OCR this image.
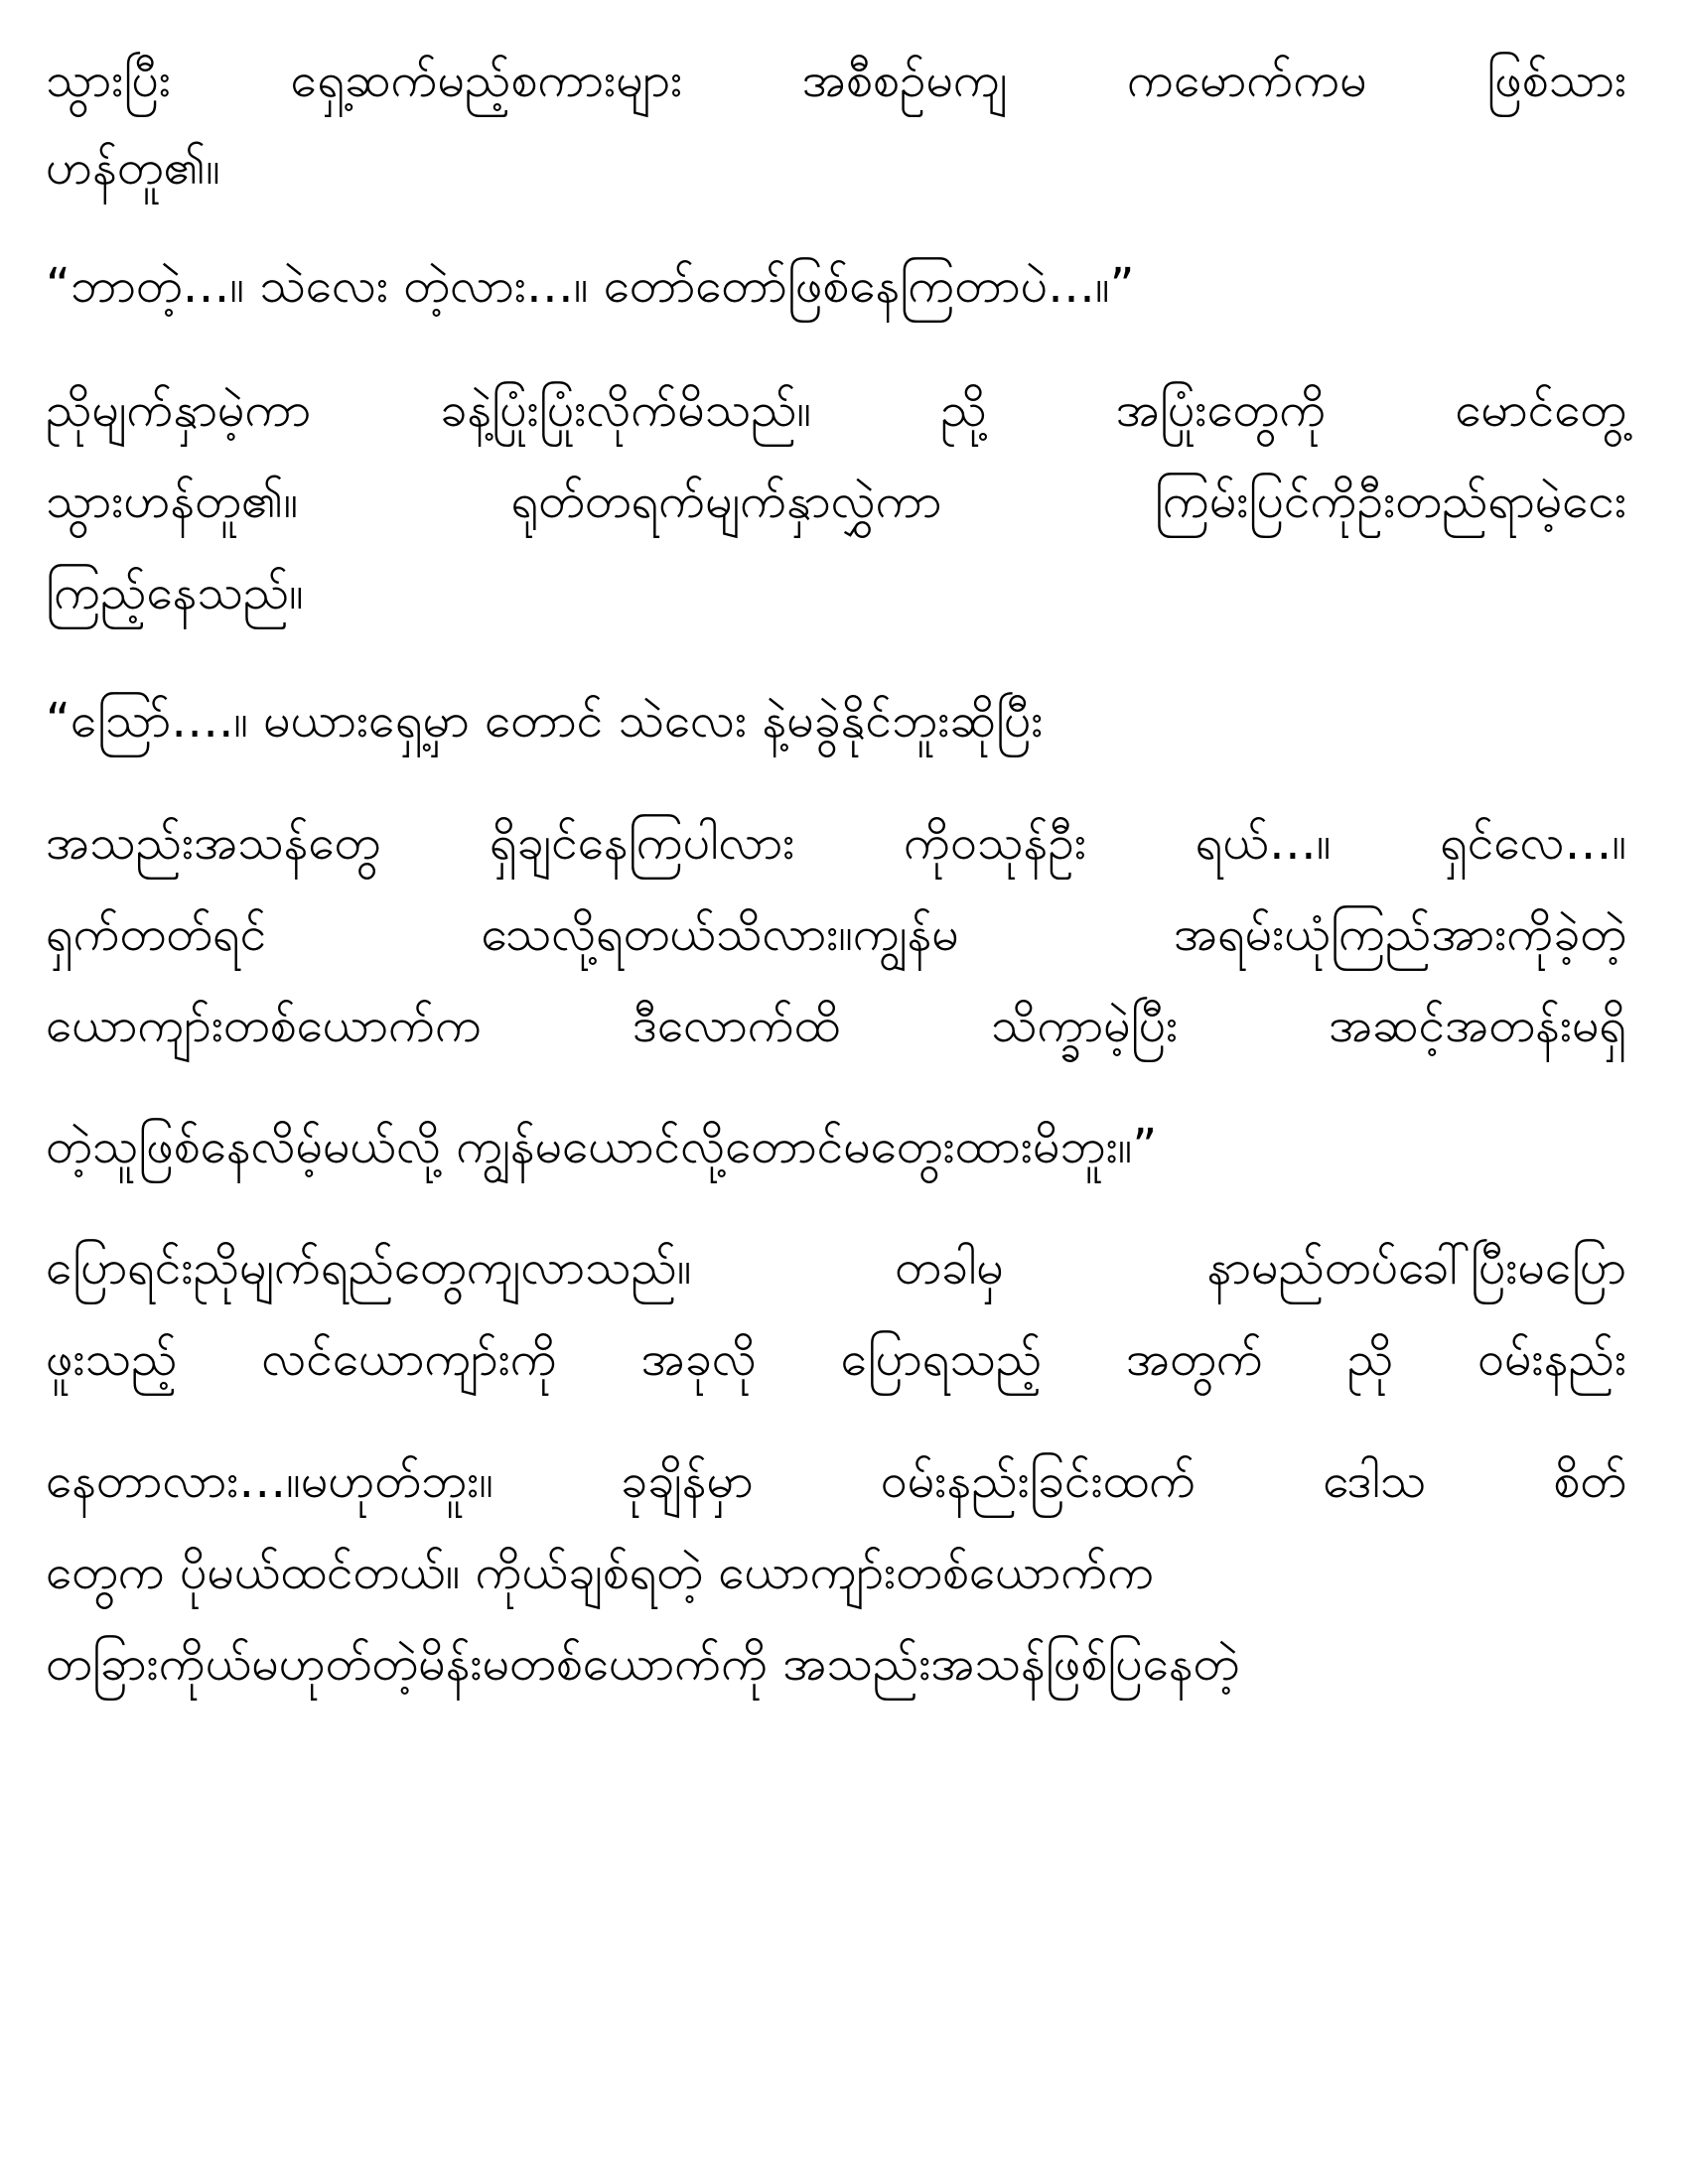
သွားပြီး ရှေ့ဆက်မည့်စကားများ အစီစဉ်မကျ ကမောက်ကမ ဖြစ်သား
ဟန်တူ၏။
“ဘာတဲ့…။ သဲလေး တဲ့လား…။ တော်တော်ဖြစ်နေကြတာပဲ…။”
ညိုမျက်နှာမဲ့ကာ ခနဲ့ပြုံးပြုံးလိုက်မိသည်။ ညို့ အပြုံးတွေကို မောင်တွေ့
သွားဟန်တူ၏။ ရုတ်တရက်မျက်နှာလွှဲကာ ကြမ်းပြင်ကိုဦးတည်ရာမဲ့ငေး
ကြည့်နေသည်။
“သြော်….။ မယားရှေ့မှာ တောင် သဲလေး နဲ့မခွဲနိုင်ဘူးဆိုပြီး
အသည်းအသန်တွေ ရှိချင်နေကြပါလား ကိုဝသုန်ဦး ရယ်…။ ရှင်လေ…။
ရှက်တတ်ရင် သေလို့ရတယ်သိလား။ကျွန်မ အရမ်းယုံကြည်အားကိုခဲ့တဲ့
ယောကျာ်းတစ်ယောက်က ဒီလောက်ထိ သိက္ခာမဲ့ပြီး အဆင့်အတန်းမရှိ
တဲ့သူဖြစ်နေလိမ့်မယ်လို့ ကျွန်မယောင်လို့တောင်မတွေးထားမိဘူး။”
ပြောရင်းညိုမျက်ရည်တွေကျလာသည်။ တခါမှ နာမည်တပ်ခေါ်ပြီးမပြော
ဖူးသည့် လင်ယောကျာ်းကို အခုလို ပြောရသည့် အတွက် ညို ဝမ်းနည်း
နေတာလား…။မဟုတ်ဘူး။ ခုချိန်မှာ ဝမ်းနည်းခြင်းထက် ဒေါသ စိတ်
တွေက ပိုမယ်ထင်တယ်။ ကိုယ်ချစ်ရတဲ့ ယောကျာ်းတစ်ယောက်က
တခြားကိုယ်မဟုတ်တဲ့မိန်းမတစ်ယောက်ကို အသည်းအသန်ဖြစ်ပြနေတဲ့
